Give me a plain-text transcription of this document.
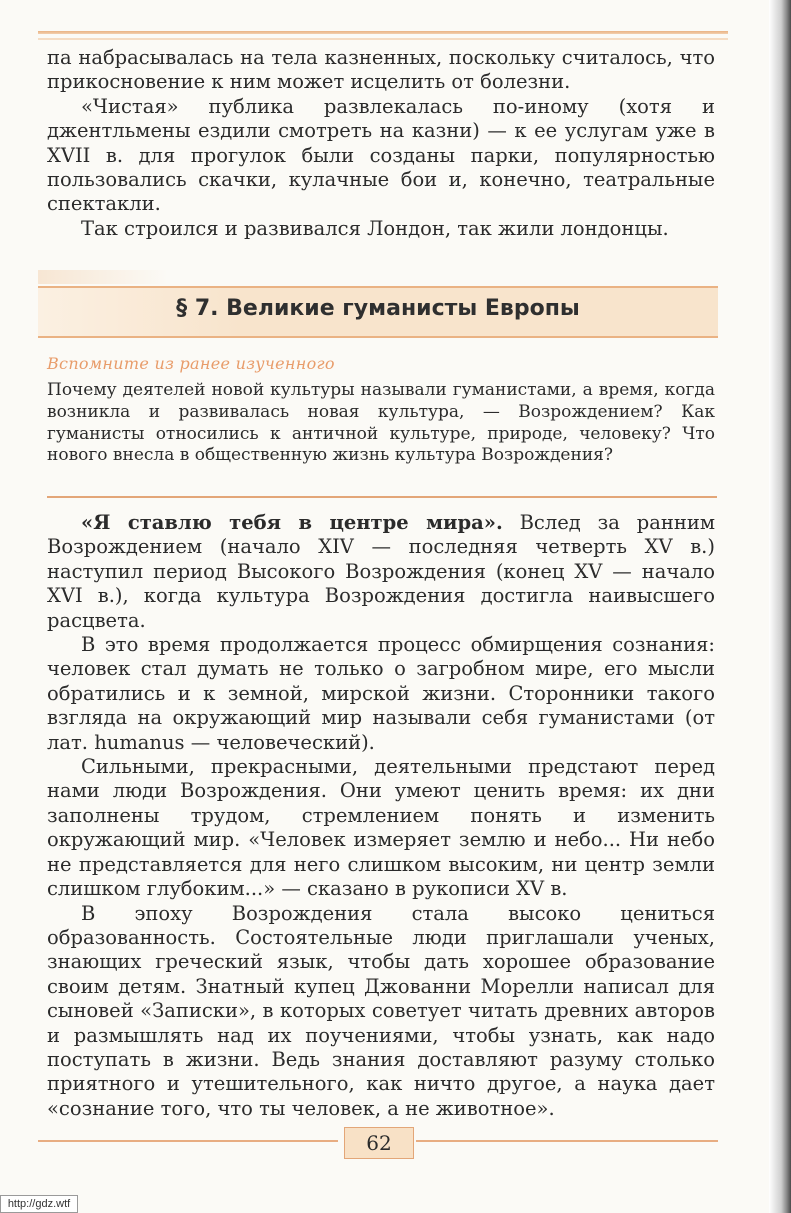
па набрасывалась на тела казненных, поскольку считалось, что прикосновение к ним может исцелить от болезни.

«Чистая» публика развлекалась по-иному (хотя и джентльмены ездили смотреть на казни) — к ее услугам уже в XVII в. для прогулок были созданы парки, популярностью пользовались скачки, кулачные бои и, конечно, театральные спектакли.

Так строился и развивался Лондон, так жили лондонцы.

§ 7. Великие гуманисты Европы
Вспомните из ранее изученного
Почему деятелей новой культуры называли гуманистами, а время, когда возникла и развивалась новая культура, — Возрождением? Как гуманисты относились к античной культуре, природе, человеку? Что нового внесла в общественную жизнь культура Возрождения?

«Я ставлю тебя в центре мира». Вслед за ранним Возрождением (начало XIV — последняя четверть XV в.) наступил период Высокого Возрождения (конец XV — начало XVI в.), когда культура Возрождения достигла наивысшего расцвета.

В это время продолжается процесс обмирщения сознания: человек стал думать не только о загробном мире, его мысли обратились и к земной, мирской жизни. Сторонники такого взгляда на окружающий мир называли себя гуманистами (от лат. humanus — человеческий).

Сильными, прекрасными, деятельными предстают перед нами люди Возрождения. Они умеют ценить время: их дни заполнены трудом, стремлением понять и изменить окружающий мир. «Человек измеряет землю и небо... Ни небо не представляется для него слишком высоким, ни центр земли слишком глубоким...» — сказано в рукописи XV в.

В эпоху Возрождения стала высоко цениться образованность. Состоятельные люди приглашали ученых, знающих греческий язык, чтобы дать хорошее образование своим детям. Знатный купец Джованни Морелли написал для сыновей «Записки», в которых советует читать древних авторов и размышлять над их поучениями, чтобы узнать, как надо поступать в жизни. Ведь знания доставляют разуму столько приятного и утешительного, как ничто другое, а наука дает «сознание того, что ты человек, а не животное».

62
http://gdz.wtf
